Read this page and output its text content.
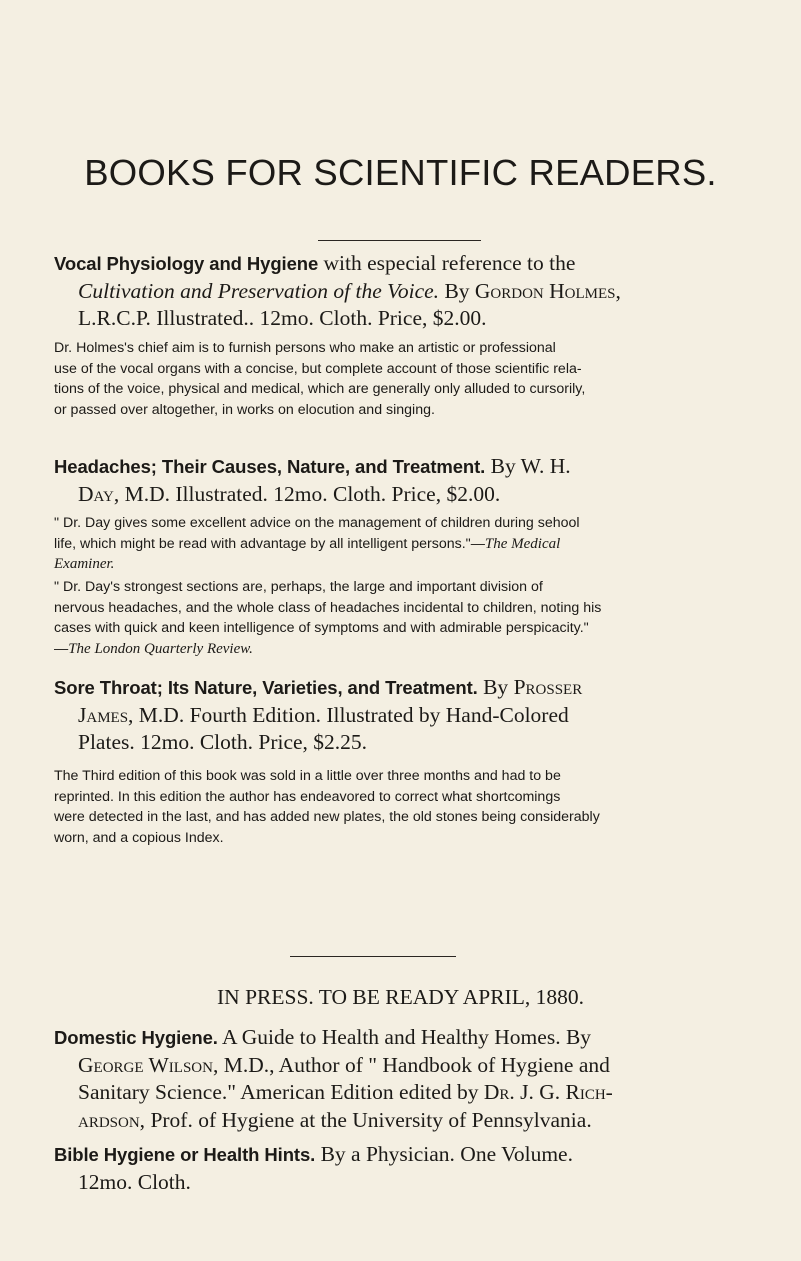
BOOKS FOR SCIENTIFIC READERS.

Vocal Physiology and Hygiene with especial reference to the
Cultivation and Preservation of the Voice. By Gordon Holmes,
L.R.C.P. Illustrated.. 12mo. Cloth. Price, $2.00.

Dr. Holmes's chief aim is to furnish persons who make an artistic or professional
use of the vocal organs with a concise, but complete account of those scientific rela-
tions of the voice, physical and medical, which are generally only alluded to cursorily,
or passed over altogether, in works on elocution and singing.

Headaches; Their Causes, Nature, and Treatment. By W. H.
Day, M.D. Illustrated. 12mo. Cloth. Price, $2.00.

" Dr. Day gives some excellent advice on the management of children during sehool
life, which might be read with advantage by all intelligent persons."—The Medical
Examiner.

" Dr. Day's strongest sections are, perhaps, the large and important division of
nervous headaches, and the whole class of headaches incidental to children, noting his
cases with quick and keen intelligence of symptoms and with admirable perspicacity."
—The London Quarterly Review.

Sore Throat; Its Nature, Varieties, and Treatment. By Prosser
James, M.D. Fourth Edition. Illustrated by Hand-Colored
Plates. 12mo. Cloth. Price, $2.25.

The Third edition of this book was sold in a little over three months and had to be
reprinted. In this edition the author has endeavored to correct what shortcomings
were detected in the last, and has added new plates, the old stones being considerably
worn, and a copious Index.

IN PRESS. TO BE READY APRIL, 1880.

Domestic Hygiene. A Guide to Health and Healthy Homes. By
George Wilson, M.D., Author of " Handbook of Hygiene and
Sanitary Science." American Edition edited by Dr. J. G. Rich-
ardson, Prof. of Hygiene at the University of Pennsylvania.

Bible Hygiene or Health Hints. By a Physician. One Volume.
12mo. Cloth.
